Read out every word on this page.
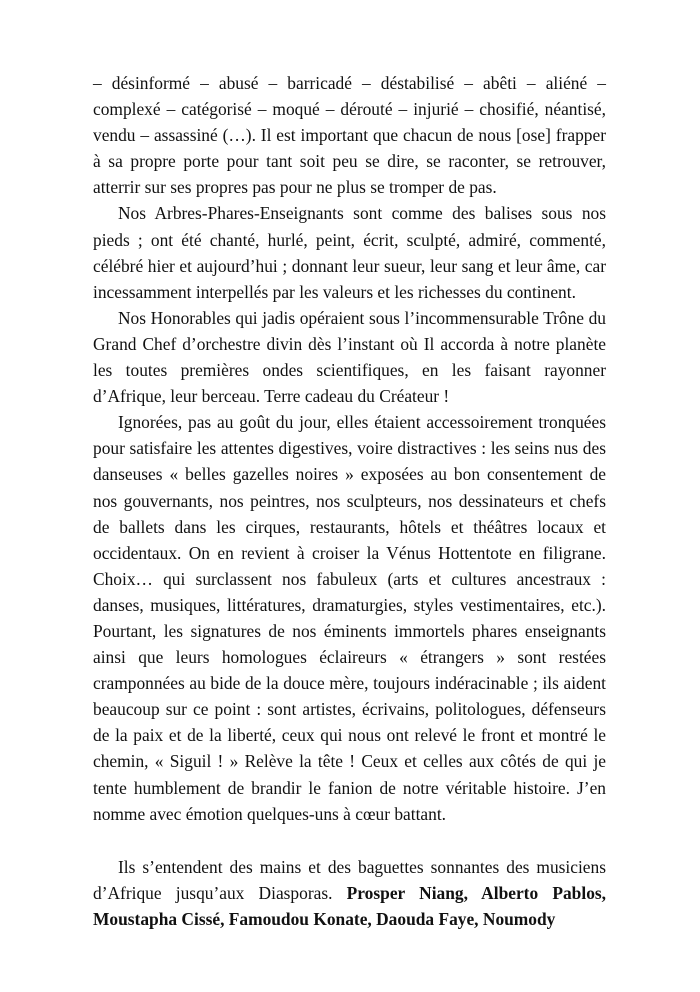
– désinformé – abusé – barricadé – déstabilisé – abêti – aliéné – complexé – catégorisé – moqué – dérouté – injurié – chosifié, néantisé, vendu – assassiné (…). Il est important que chacun de nous [ose] frapper à sa propre porte pour tant soit peu se dire, se raconter, se retrouver, atterrir sur ses propres pas pour ne plus se tromper de pas.

Nos Arbres-Phares-Enseignants sont comme des balises sous nos pieds ; ont été chanté, hurlé, peint, écrit, sculpté, admiré, commenté, célébré hier et aujourd’hui ; donnant leur sueur, leur sang et leur âme, car incessamment interpellés par les valeurs et les richesses du continent.

Nos Honorables qui jadis opéraient sous l’incommensurable Trône du Grand Chef d’orchestre divin dès l’instant où Il accorda à notre planète les toutes premières ondes scientifiques, en les faisant rayonner d’Afrique, leur berceau. Terre cadeau du Créateur !

Ignorées, pas au goût du jour, elles étaient accessoirement tronquées pour satisfaire les attentes digestives, voire distractives : les seins nus des danseuses « belles gazelles noires » exposées au bon consentement de nos gouvernants, nos peintres, nos sculpteurs, nos dessinateurs et chefs de ballets dans les cirques, restaurants, hôtels et théâtres locaux et occidentaux. On en revient à croiser la Vénus Hottentote en filigrane. Choix… qui surclassent nos fabuleux (arts et cultures ancestraux : danses, musiques, littératures, dramaturgies, styles vestimentaires, etc.). Pourtant, les signatures de nos éminents immortels phares enseignants ainsi que leurs homologues éclaireurs « étrangers » sont restées cramponnées au bide de la douce mère, toujours indéracinable ; ils aident beaucoup sur ce point : sont artistes, écrivains, politologues, défenseurs de la paix et de la liberté, ceux qui nous ont relevé le front et montré le chemin, « Siguil ! » Relève la tête ! Ceux et celles aux côtés de qui je tente humblement de brandir le fanion de notre véritable histoire. J’en nomme avec émotion quelques-uns à cœur battant.

Ils s’entendent des mains et des baguettes sonnantes des musiciens d’Afrique jusqu’aux Diasporas. Prosper Niang, Alberto Pablos, Moustapha Cissé, Famoudou Konate, Daouda Faye, Noumody
